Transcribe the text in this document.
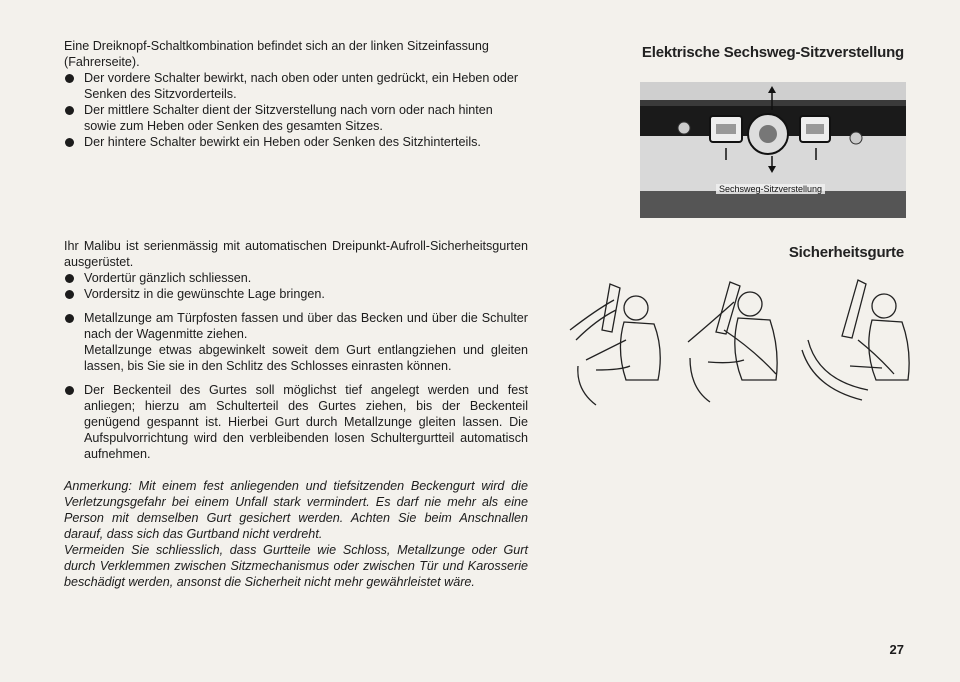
Eine Dreiknopf-Schaltkombination befindet sich an der linken Sitzeinfassung (Fahrerseite).

Der vordere Schalter bewirkt, nach oben oder unten gedrückt, ein Heben oder Senken des Sitzvorderteils.

Der mittlere Schalter dient der Sitzverstellung nach vorn oder nach hinten sowie zum Heben oder Senken des gesamten Sitzes.

Der hintere Schalter bewirkt ein Heben oder Senken des Sitzhinterteils.

Ihr Malibu ist serienmässig mit automatischen Dreipunkt-Aufroll-Sicherheitsgurten ausgerüstet.

Vordertür gänzlich schliessen.

Vordersitz in die gewünschte Lage bringen.

Metallzunge am Türpfosten fassen und über das Becken und über die Schulter nach der Wagenmitte ziehen.

Metallzunge etwas abgewinkelt soweit dem Gurt entlangziehen und gleiten lassen, bis Sie sie in den Schlitz des Schlosses einrasten können.

Der Beckenteil des Gurtes soll möglichst tief angelegt werden und fest anliegen; hierzu am Schulterteil des Gurtes ziehen, bis der Beckenteil genügend gespannt ist. Hierbei Gurt durch Metallzunge gleiten lassen. Die Aufspulvorrichtung wird den verbleibenden losen Schultergurtteil automatisch aufnehmen.

Anmerkung: Mit einem fest anliegenden und tiefsitzenden Beckengurt wird die Verletzungsgefahr bei einem Unfall stark vermindert. Es darf nie mehr als eine Person mit demselben Gurt gesichert werden. Achten Sie beim Anschnallen darauf, dass sich das Gurtband nicht verdreht.

Vermeiden Sie schliesslich, dass Gurtteile wie Schloss, Metallzunge oder Gurt durch Verklemmen zwischen Sitzmechanismus oder zwischen Tür und Karosserie beschädigt werden, ansonst die Sicherheit nicht mehr gewährleistet wäre.

Elektrische Sechsweg-Sitzverstellung
Sechsweg-Sitzverstellung
Sicherheitsgurte
27
